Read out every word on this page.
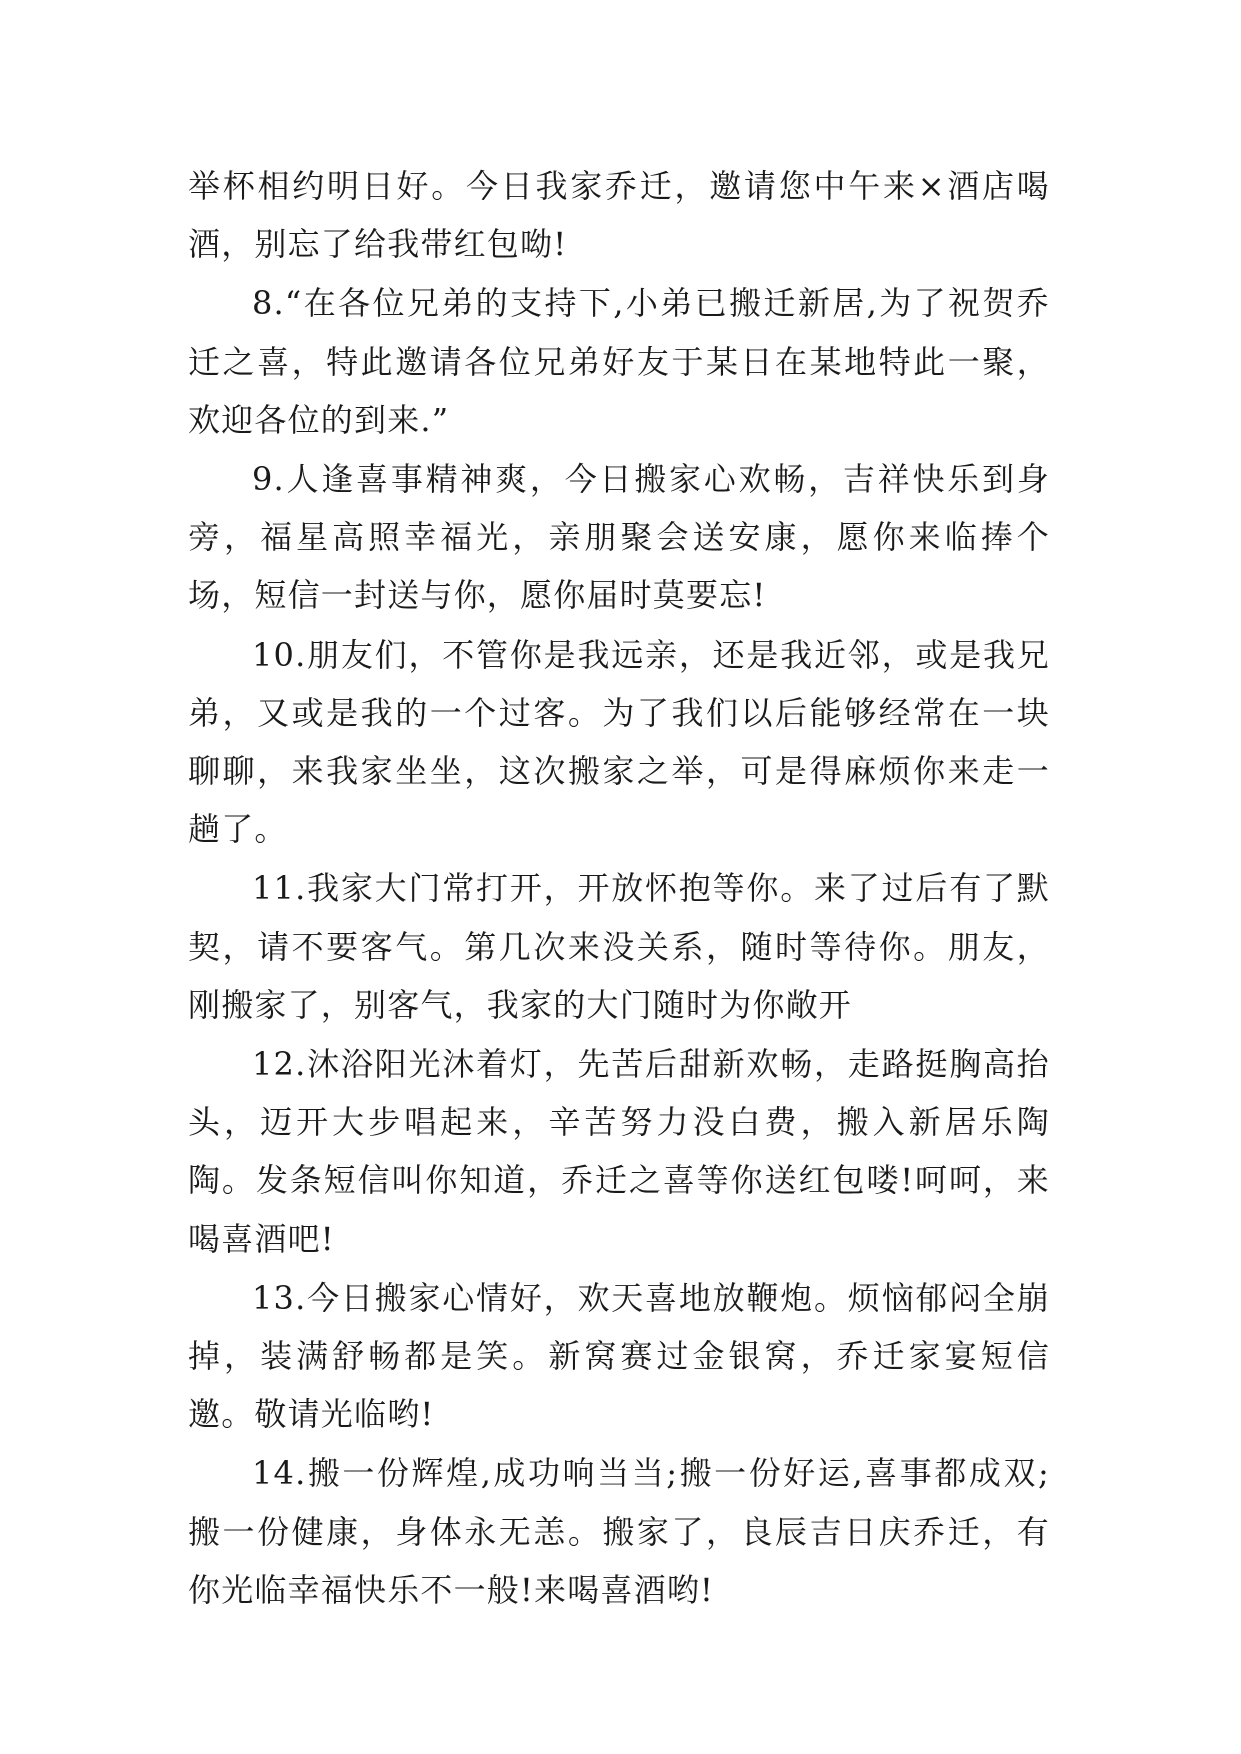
举杯相约明日好。今日我家乔迁，邀请您中午来×酒店喝酒，别忘了给我带红包呦!

8.“在各位兄弟的支持下,小弟已搬迁新居,为了祝贺乔迁之喜，特此邀请各位兄弟好友于某日在某地特此一聚，欢迎各位的到来.”

9.人逢喜事精神爽，今日搬家心欢畅，吉祥快乐到身旁，福星高照幸福光，亲朋聚会送安康，愿你来临捧个场，短信一封送与你，愿你届时莫要忘!

10.朋友们，不管你是我远亲，还是我近邻，或是我兄弟，又或是我的一个过客。为了我们以后能够经常在一块聊聊，来我家坐坐，这次搬家之举，可是得麻烦你来走一趟了。

11.我家大门常打开，开放怀抱等你。来了过后有了默契，请不要客气。第几次来没关系，随时等待你。朋友，刚搬家了，别客气，我家的大门随时为你敞开

12.沐浴阳光沐着灯，先苦后甜新欢畅，走路挺胸高抬头，迈开大步唱起来，辛苦努力没白费，搬入新居乐陶陶。发条短信叫你知道，乔迁之喜等你送红包喽!呵呵，来喝喜酒吧!

13.今日搬家心情好，欢天喜地放鞭炮。烦恼郁闷全崩掉，装满舒畅都是笑。新窝赛过金银窝，乔迁家宴短信邀。敬请光临哟!

14.搬一份辉煌,成功响当当;搬一份好运,喜事都成双;搬一份健康，身体永无恙。搬家了，良辰吉日庆乔迁，有你光临幸福快乐不一般!来喝喜酒哟!
